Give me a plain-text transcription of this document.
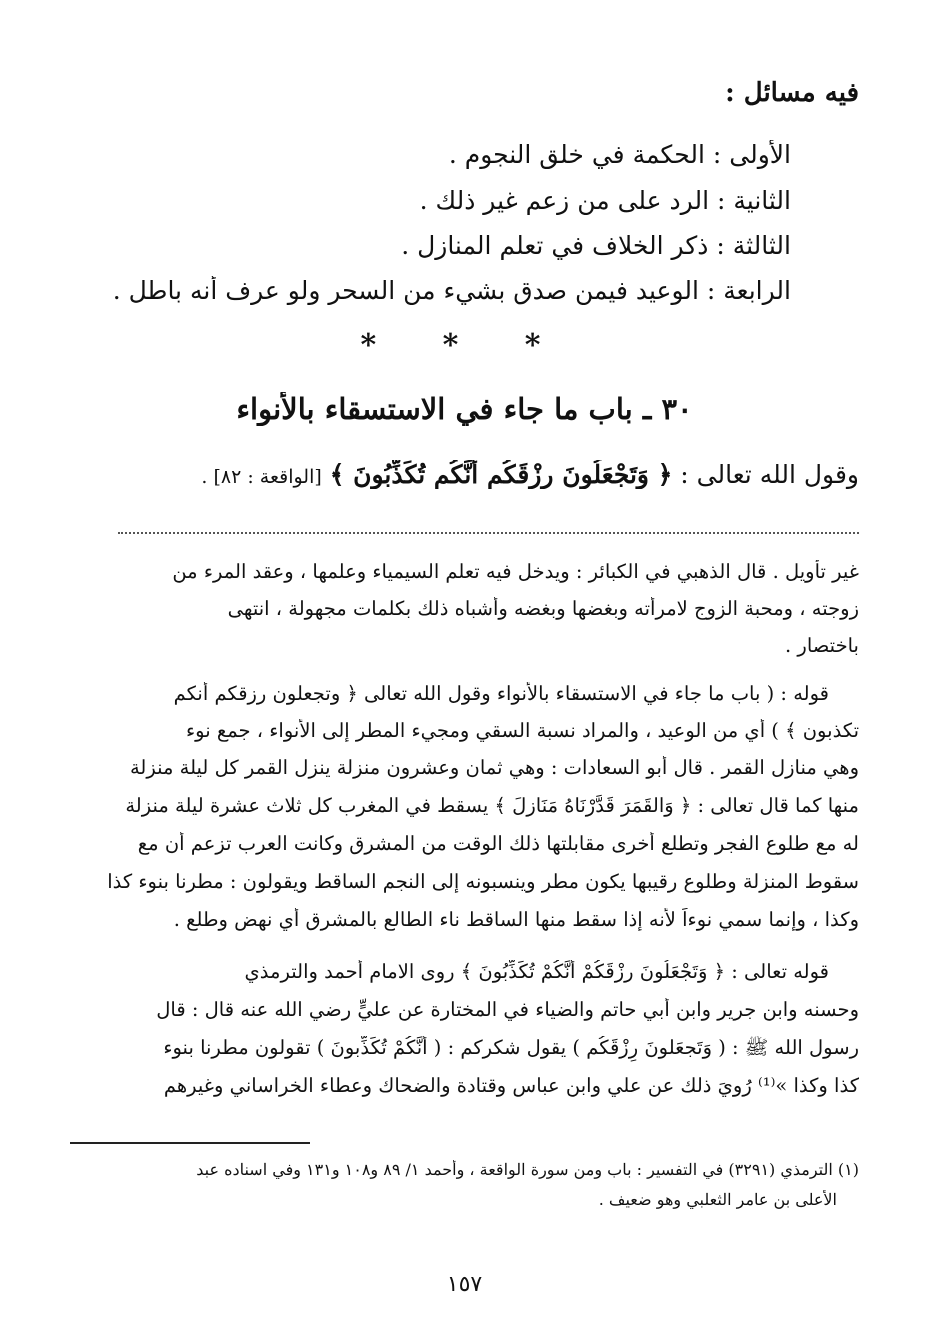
فيه مسائل :
الأولى : الحكمة في خلق النجوم .
الثانية : الرد على من زعم غير ذلك .
الثالثة : ذكر الخلاف في تعلم المنازل .
الرابعة : الوعيد فيمن صدق بشيء من السحر ولو عرف أنه باطل .
* * *
٣٠ ـ باب ما جاء في الاستسقاء بالأنواء
وقول الله تعالى : ﴿ وَتَجْعَلُونَ رِزْقَكُم أَنَّكُم تُكَذِّبُونَ ﴾ [الواقعة : ٨٢] .
غير تأويل . قال الذهبي في الكبائر : ويدخل فيه تعلم السيمياء وعلمها ، وعقد المرء من
زوجته ، ومحبة الزوج لامرأته وبغضها وبغضه وأشباه ذلك بكلمات مجهولة ، انتهى
باختصار .
قوله : ( باب ما جاء في الاستسقاء بالأنواء وقول الله تعالى ﴿ وتجعلون رزقكم أنكم
تكذبون ﴾ ) أي من الوعيد ، والمراد نسبة السقي ومجيء المطر إلى الأنواء ، جمع نوء
وهي منازل القمر . قال أبو السعادات : وهي ثمان وعشرون منزلة ينزل القمر كل ليلة منزلة
منها كما قال تعالى : ﴿ وَالقَمَرَ قَدَّرْنَاهُ مَنَازِلَ ﴾ يسقط في المغرب كل ثلاث عشرة ليلة منزلة
له مع طلوع الفجر وتطلع أخرى مقابلتها ذلك الوقت من المشرق وكانت العرب تزعم أن مع
سقوط المنزلة وطلوع رقيبها يكون مطر وينسبونه إلى النجم الساقط ويقولون : مطرنا بنوء كذا
وكذا ، وإنما سمي نوءاً لأنه إذا سقط منها الساقط ناء الطالع بالمشرق أي نهض وطلع .
قوله تعالى : ﴿ وَتَجْعَلُونَ رِزْقَكُمْ أَنَّكُمْ تُكَذِّبُونَ ﴾ روى الامام أحمد والترمذي
وحسنه وابن جرير وابن أبي حاتم والضياء في المختارة عن عليٍّ رضي الله عنه قال : قال
رسول الله ﷺ : ( وَتَجعَلونَ رِزْقَكُم ) يقول شكركم : ( أَنَّكُمْ تُكَذِّبونَ ) تقولون مطرنا بنوء
كذا وكذا »⁽¹⁾ رُوِيَ ذلك عن علي وابن عباس وقتادة والضحاك وعطاء الخراساني وغيرهم
(١) الترمذي (٣٢٩١) في التفسير : باب ومن سورة الواقعة ، وأحمد ١/ ٨٩ و١٠٨ و١٣١ وفي اسناده عبد
الأعلى بن عامر الثعلبي وهو ضعيف .
١٥٧
